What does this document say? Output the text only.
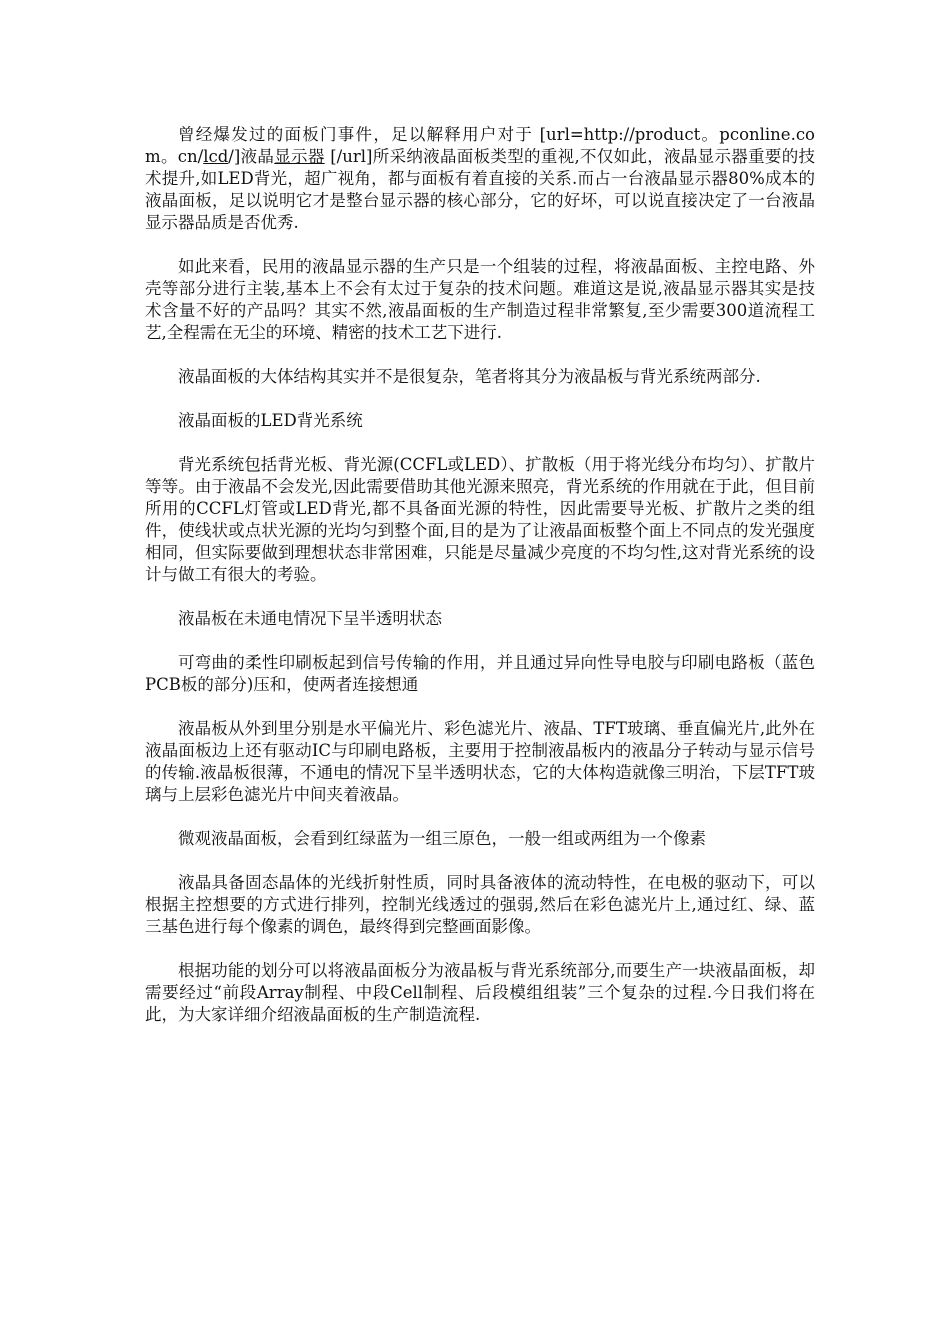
曾经爆发过的面板门事件，足以解释用户对于 [url=http://product。pconline.com。cn/lcd/]液晶显示器 [/url]所采纳液晶面板类型的重视,不仅如此，液晶显示器重要的技术提升,如LED背光，超广视角，都与面板有着直接的关系.而占一台液晶显示器80%成本的液晶面板，足以说明它才是整台显示器的核心部分，它的好坏，可以说直接决定了一台液晶显示器品质是否优秀.

如此来看，民用的液晶显示器的生产只是一个组装的过程，将液晶面板、主控电路、外壳等部分进行主装,基本上不会有太过于复杂的技术问题。难道这是说,液晶显示器其实是技术含量不好的产品吗？其实不然,液晶面板的生产制造过程非常繁复,至少需要300道流程工艺,全程需在无尘的环境、精密的技术工艺下进行.

液晶面板的大体结构其实并不是很复杂，笔者将其分为液晶板与背光系统两部分.

液晶面板的LED背光系统

背光系统包括背光板、背光源(CCFL或LED）、扩散板（用于将光线分布均匀）、扩散片等等。由于液晶不会发光,因此需要借助其他光源来照亮，背光系统的作用就在于此，但目前所用的CCFL灯管或LED背光,都不具备面光源的特性，因此需要导光板、扩散片之类的组件，使线状或点状光源的光均匀到整个面,目的是为了让液晶面板整个面上不同点的发光强度相同，但实际要做到理想状态非常困难，只能是尽量减少亮度的不均匀性,这对背光系统的设计与做工有很大的考验。

液晶板在未通电情况下呈半透明状态

可弯曲的柔性印刷板起到信号传输的作用，并且通过异向性导电胶与印刷电路板（蓝色PCB板的部分)压和，使两者连接想通

液晶板从外到里分别是水平偏光片、彩色滤光片、液晶、TFT玻璃、垂直偏光片,此外在液晶面板边上还有驱动IC与印刷电路板，主要用于控制液晶板内的液晶分子转动与显示信号的传输.液晶板很薄，不通电的情况下呈半透明状态，它的大体构造就像三明治，下层TFT玻璃与上层彩色滤光片中间夹着液晶。

微观液晶面板，会看到红绿蓝为一组三原色，一般一组或两组为一个像素

液晶具备固态晶体的光线折射性质，同时具备液体的流动特性，在电极的驱动下，可以根据主控想要的方式进行排列，控制光线透过的强弱,然后在彩色滤光片上,通过红、绿、蓝三基色进行每个像素的调色，最终得到完整画面影像。

根据功能的划分可以将液晶面板分为液晶板与背光系统部分,而要生产一块液晶面板，却需要经过“前段Array制程、中段Cell制程、后段模组组装”三个复杂的过程.今日我们将在此，为大家详细介绍液晶面板的生产制造流程.
